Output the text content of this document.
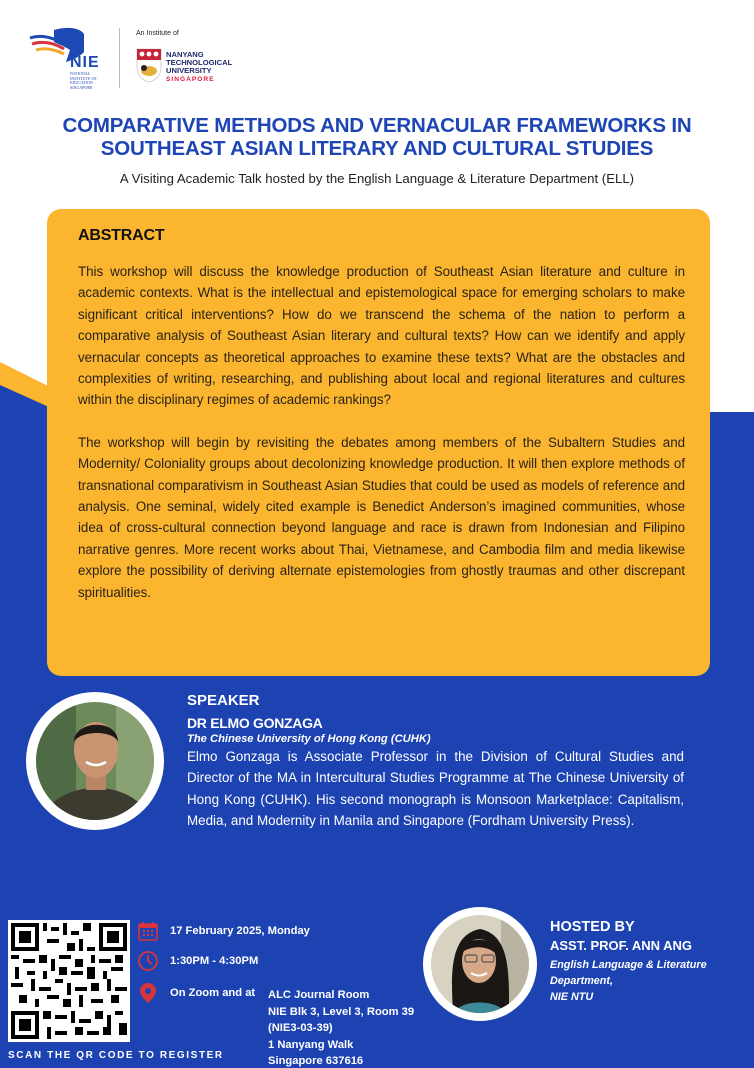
NIE
NATIONAL
INSTITUTE OF
EDUCATION
SINGAPORE
An Institute of
NANYANG
TECHNOLOGICAL
UNIVERSITY
SINGAPORE
COMPARATIVE METHODS AND VERNACULAR FRAMEWORKS IN
SOUTHEAST ASIAN LITERARY AND CULTURAL STUDIES
A Visiting Academic Talk hosted by the English Language & Literature Department (ELL)
ABSTRACT

This workshop will discuss the knowledge production of Southeast Asian literature and culture in academic contexts. What is the intellectual and epistemological space for emerging scholars to make significant critical interventions? How do we transcend the schema of the nation to perform a comparative analysis of Southeast Asian literary and cultural texts? How can we identify and apply vernacular concepts as theoretical approaches to examine these texts? What are the obstacles and complexities of writing, researching, and publishing about local and regional literatures and cultures within the disciplinary regimes of academic rankings?

The workshop will begin by revisiting the debates among members of the Subaltern Studies and Modernity/ Coloniality groups about decolonizing knowledge production. It will then explore methods of transnational comparativism in Southeast Asian Studies that could be used as models of reference and analysis. One seminal, widely cited example is Benedict Anderson’s imagined communities, whose idea of cross-cultural connection beyond language and race is drawn from Indonesian and Filipino narrative genres. More recent works about Thai, Vietnamese, and Cambodia film and media likewise explore the possibility of deriving alternate epistemologies from ghostly traumas and other discrepant spiritualities.

SPEAKER
DR ELMO GONZAGA
The Chinese University of Hong Kong (CUHK)

Elmo Gonzaga is Associate Professor in the Division of Cultural Studies and Director of the MA in Intercultural Studies Programme at The Chinese University of Hong Kong (CUHK). His second monograph is Monsoon Marketplace: Capitalism, Media, and Modernity in Manila and Singapore (Fordham University Press).

SCAN THE QR CODE TO REGISTER
17 February 2025, Monday
1:30PM - 4:30PM
On Zoom and at ALC Journal Room
NIE Blk 3, Level 3, Room 39
(NIE3-03-39)
1 Nanyang Walk
Singapore 637616
HOSTED BY
ASST. PROF. ANN ANG
English Language & Literature
Department,
NIE NTU
